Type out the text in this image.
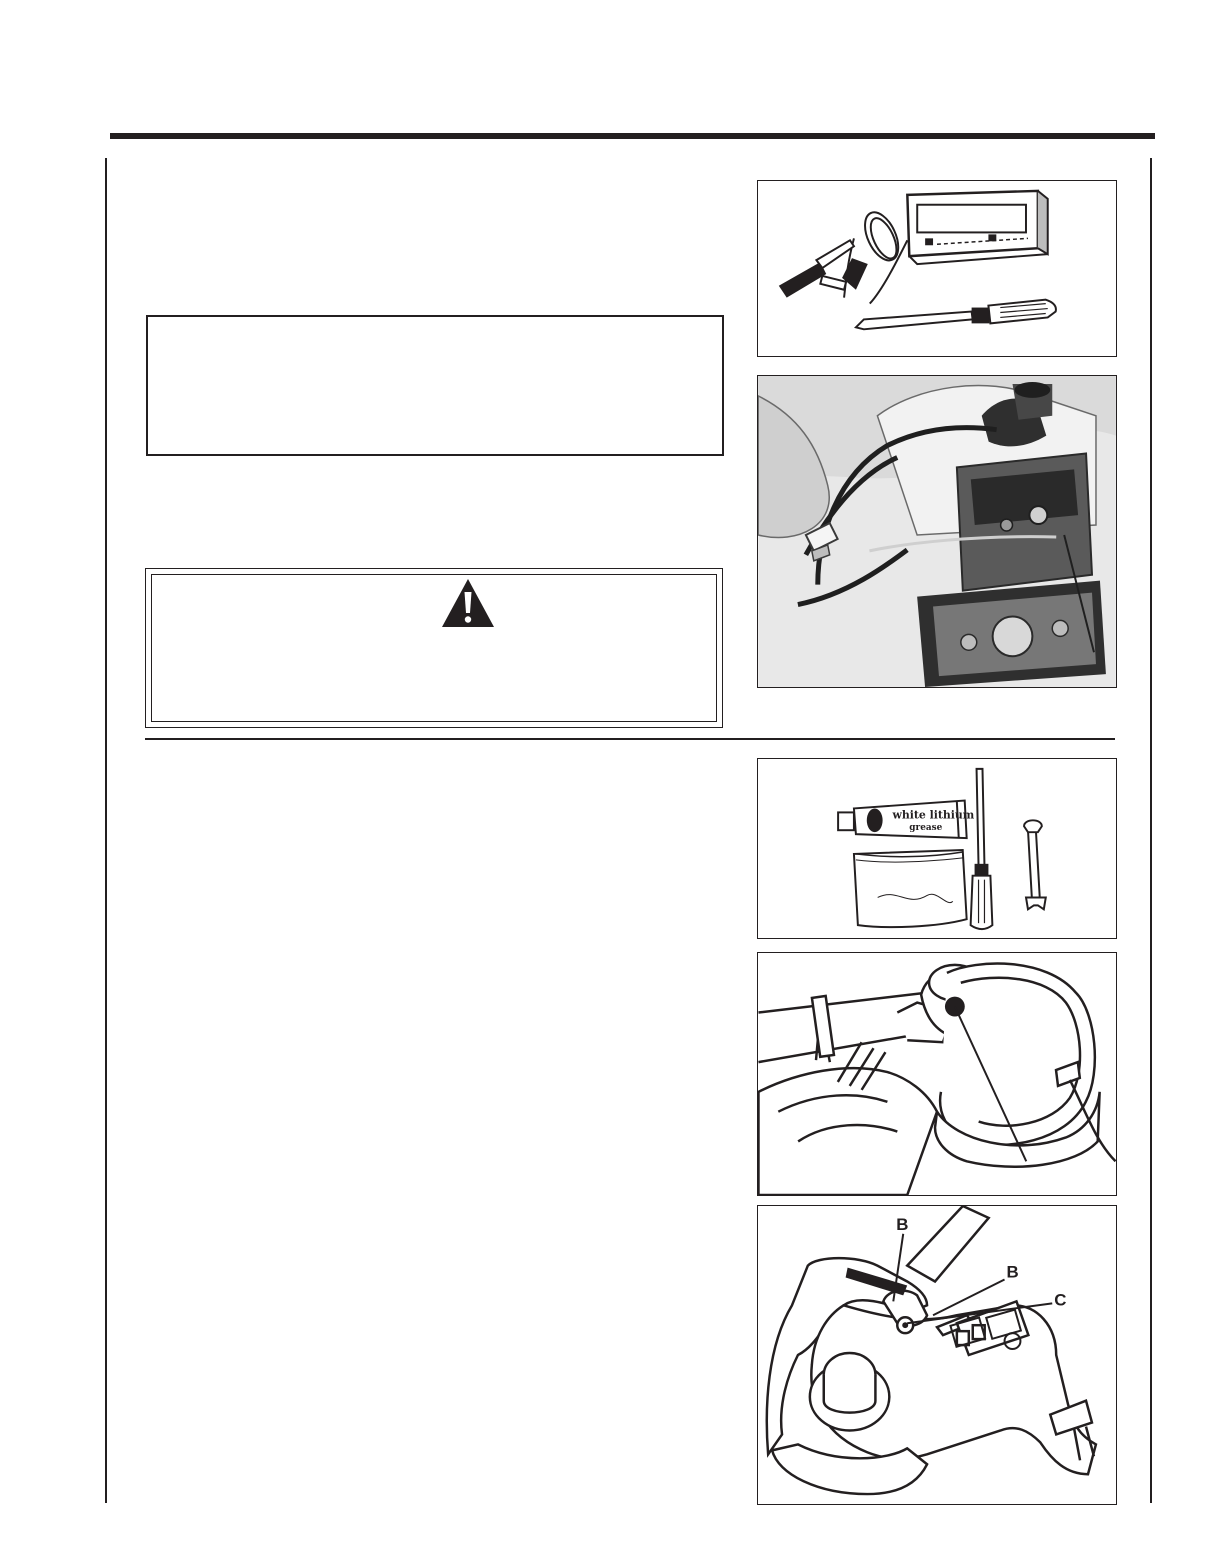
white lithium
grease
B
B
C
